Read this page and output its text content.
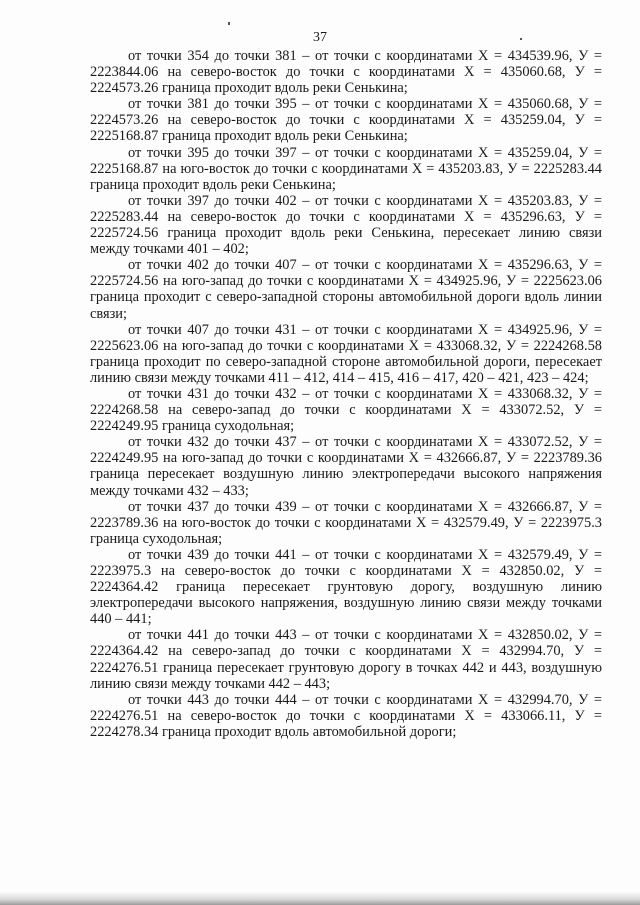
37

от точки 354 до точки 381 – от точки с координатами Х = 434539.96, У = 2223844.06 на северо-восток до точки с координатами Х = 435060.68, У = 2224573.26 граница проходит вдоль реки Сенькина;

от точки 381 до точки 395 – от точки с координатами Х = 435060.68, У = 2224573.26 на северо-восток до точки с координатами Х = 435259.04, У = 2225168.87 граница проходит вдоль реки Сенькина;

от точки 395 до точки 397 – от точки с координатами Х = 435259.04, У = 2225168.87 на юго-восток до точки с координатами Х = 435203.83, У = 2225283.44 граница проходит вдоль реки Сенькина;

от точки 397 до точки 402 – от точки с координатами Х = 435203.83, У = 2225283.44 на северо-восток до точки с координатами Х = 435296.63, У = 2225724.56 граница проходит вдоль реки Сенькина, пересекает линию связи между точками 401 – 402;

от точки 402 до точки 407 – от точки с координатами Х = 435296.63, У = 2225724.56 на юго-запад до точки с координатами Х = 434925.96, У = 2225623.06 граница проходит с северо-западной стороны автомобильной дороги вдоль линии связи;

от точки 407 до точки 431 – от точки с координатами Х = 434925.96, У = 2225623.06 на юго-запад до точки с координатами Х = 433068.32, У = 2224268.58 граница проходит по северо-западной стороне автомобильной дороги, пересекает линию связи между точками 411 – 412, 414 – 415, 416 – 417, 420 – 421, 423 – 424;

от точки 431 до точки 432 – от точки с координатами Х = 433068.32, У = 2224268.58 на северо-запад до точки с координатами Х = 433072.52, У = 2224249.95 граница суходольная;

от точки 432 до точки 437 – от точки с координатами Х = 433072.52, У = 2224249.95 на юго-запад до точки с координатами Х = 432666.87, У = 2223789.36 граница пересекает воздушную линию электропередачи высокого напряжения между точками 432 – 433;

от точки 437 до точки 439 – от точки с координатами Х = 432666.87, У = 2223789.36 на юго-восток до точки с координатами Х = 432579.49, У = 2223975.3 граница суходольная;

от точки 439 до точки 441 – от точки с координатами Х = 432579.49, У = 2223975.3 на северо-восток до точки с координатами Х = 432850.02, У = 2224364.42 граница пересекает грунтовую дорогу, воздушную линию электропередачи высокого напряжения, воздушную линию связи между точками 440 – 441;

от точки 441 до точки 443 – от точки с координатами Х = 432850.02, У = 2224364.42 на северо-запад до точки с координатами Х = 432994.70, У = 2224276.51 граница пересекает грунтовую дорогу в точках 442 и 443, воздушную линию связи между точками 442 – 443;

от точки 443 до точки 444 – от точки с координатами Х = 432994.70, У = 2224276.51 на северо-восток до точки с координатами Х = 433066.11, У = 2224278.34 граница проходит вдоль автомобильной дороги;
